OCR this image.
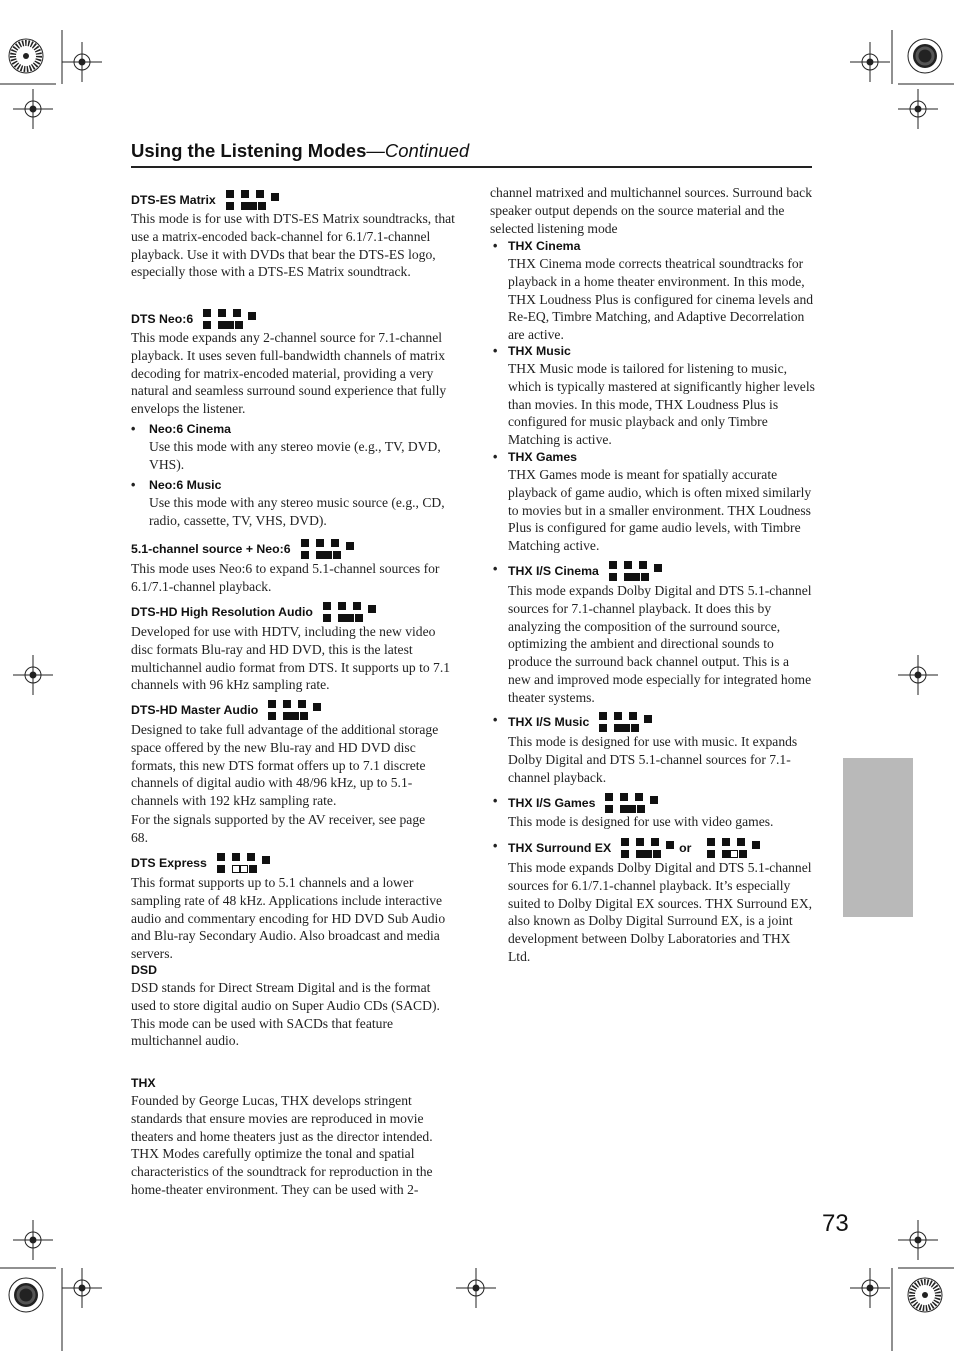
Using the Listening Modes—Continued
73
DTS-ES Matrix

This mode is for use with DTS-ES Matrix soundtracks, that use a matrix-encoded back-channel for 6.1/7.1-channel playback. Use it with DVDs that bear the DTS-ES logo, especially those with a DTS-ES Matrix soundtrack.

DTS Neo:6

This mode expands any 2-channel source for 7.1-channel playback. It uses seven full-bandwidth channels of matrix decoding for matrix-encoded material, providing a very natural and seamless surround sound experience that fully envelops the listener.

• Neo:6 Cinema

Use this mode with any stereo movie (e.g., TV, DVD, VHS).

• Neo:6 Music

Use this mode with any stereo music source (e.g., CD, radio, cassette, TV, VHS, DVD).

5.1-channel source + Neo:6

This mode uses Neo:6 to expand 5.1-channel sources for 6.1/7.1-channel playback.

DTS-HD High Resolution Audio

Developed for use with HDTV, including the new video disc formats Blu-ray and HD DVD, this is the latest multichannel audio format from DTS. It supports up to 7.1 channels with 96 kHz sampling rate.

DTS-HD Master Audio

Designed to take full advantage of the additional storage space offered by the new Blu-ray and HD DVD disc formats, this new DTS format offers up to 7.1 discrete channels of digital audio with 48/96 kHz, up to 5.1-channels with 192 kHz sampling rate.

For the signals supported by the AV receiver, see page 68.

DTS Express

This format supports up to 5.1 channels and a lower sampling rate of 48 kHz. Applications include interactive audio and commentary encoding for HD DVD Sub Audio and Blu-ray Secondary Audio. Also broadcast and media servers.

DSD

DSD stands for Direct Stream Digital and is the format used to store digital audio on Super Audio CDs (SACD). This mode can be used with SACDs that feature multichannel audio.

THX

Founded by George Lucas, THX develops stringent standards that ensure movies are reproduced in movie theaters and home theaters just as the director intended. THX Modes carefully optimize the tonal and spatial characteristics of the soundtrack for reproduction in the home-theater environment. They can be used with 2-

channel matrixed and multichannel sources. Surround back speaker output depends on the source material and the selected listening mode

• THX Cinema

THX Cinema mode corrects theatrical soundtracks for playback in a home theater environment. In this mode, THX Loudness Plus is configured for cinema levels and Re-EQ, Timbre Matching, and Adaptive Decorrelation are active.

• THX Music

THX Music mode is tailored for listening to music, which is typically mastered at significantly higher levels than movies. In this mode, THX Loudness Plus is configured for music playback and only Timbre Matching is active.

• THX Games

THX Games mode is meant for spatially accurate playback of game audio, which is often mixed similarly to movies but in a smaller environment. THX Loudness Plus is configured for game audio levels, with Timbre Matching active.

• THX I/S Cinema

This mode expands Dolby Digital and DTS 5.1-channel sources for 7.1-channel playback. It does this by analyzing the composition of the surround source, optimizing the ambient and directional sounds to produce the surround back channel output. This is a new and improved mode especially for integrated home theater systems.

• THX I/S Music

This mode is designed for use with music. It expands Dolby Digital and DTS 5.1-channel sources for 7.1-channel playback.

• THX I/S Games

This mode is designed for use with video games.

• THX Surround EX	or

This mode expands Dolby Digital and DTS 5.1-channel sources for 6.1/7.1-channel playback. It’s especially suited to Dolby Digital EX sources. THX Surround EX, also known as Dolby Digital Surround EX, is a joint development between Dolby Laboratories and THX Ltd.
